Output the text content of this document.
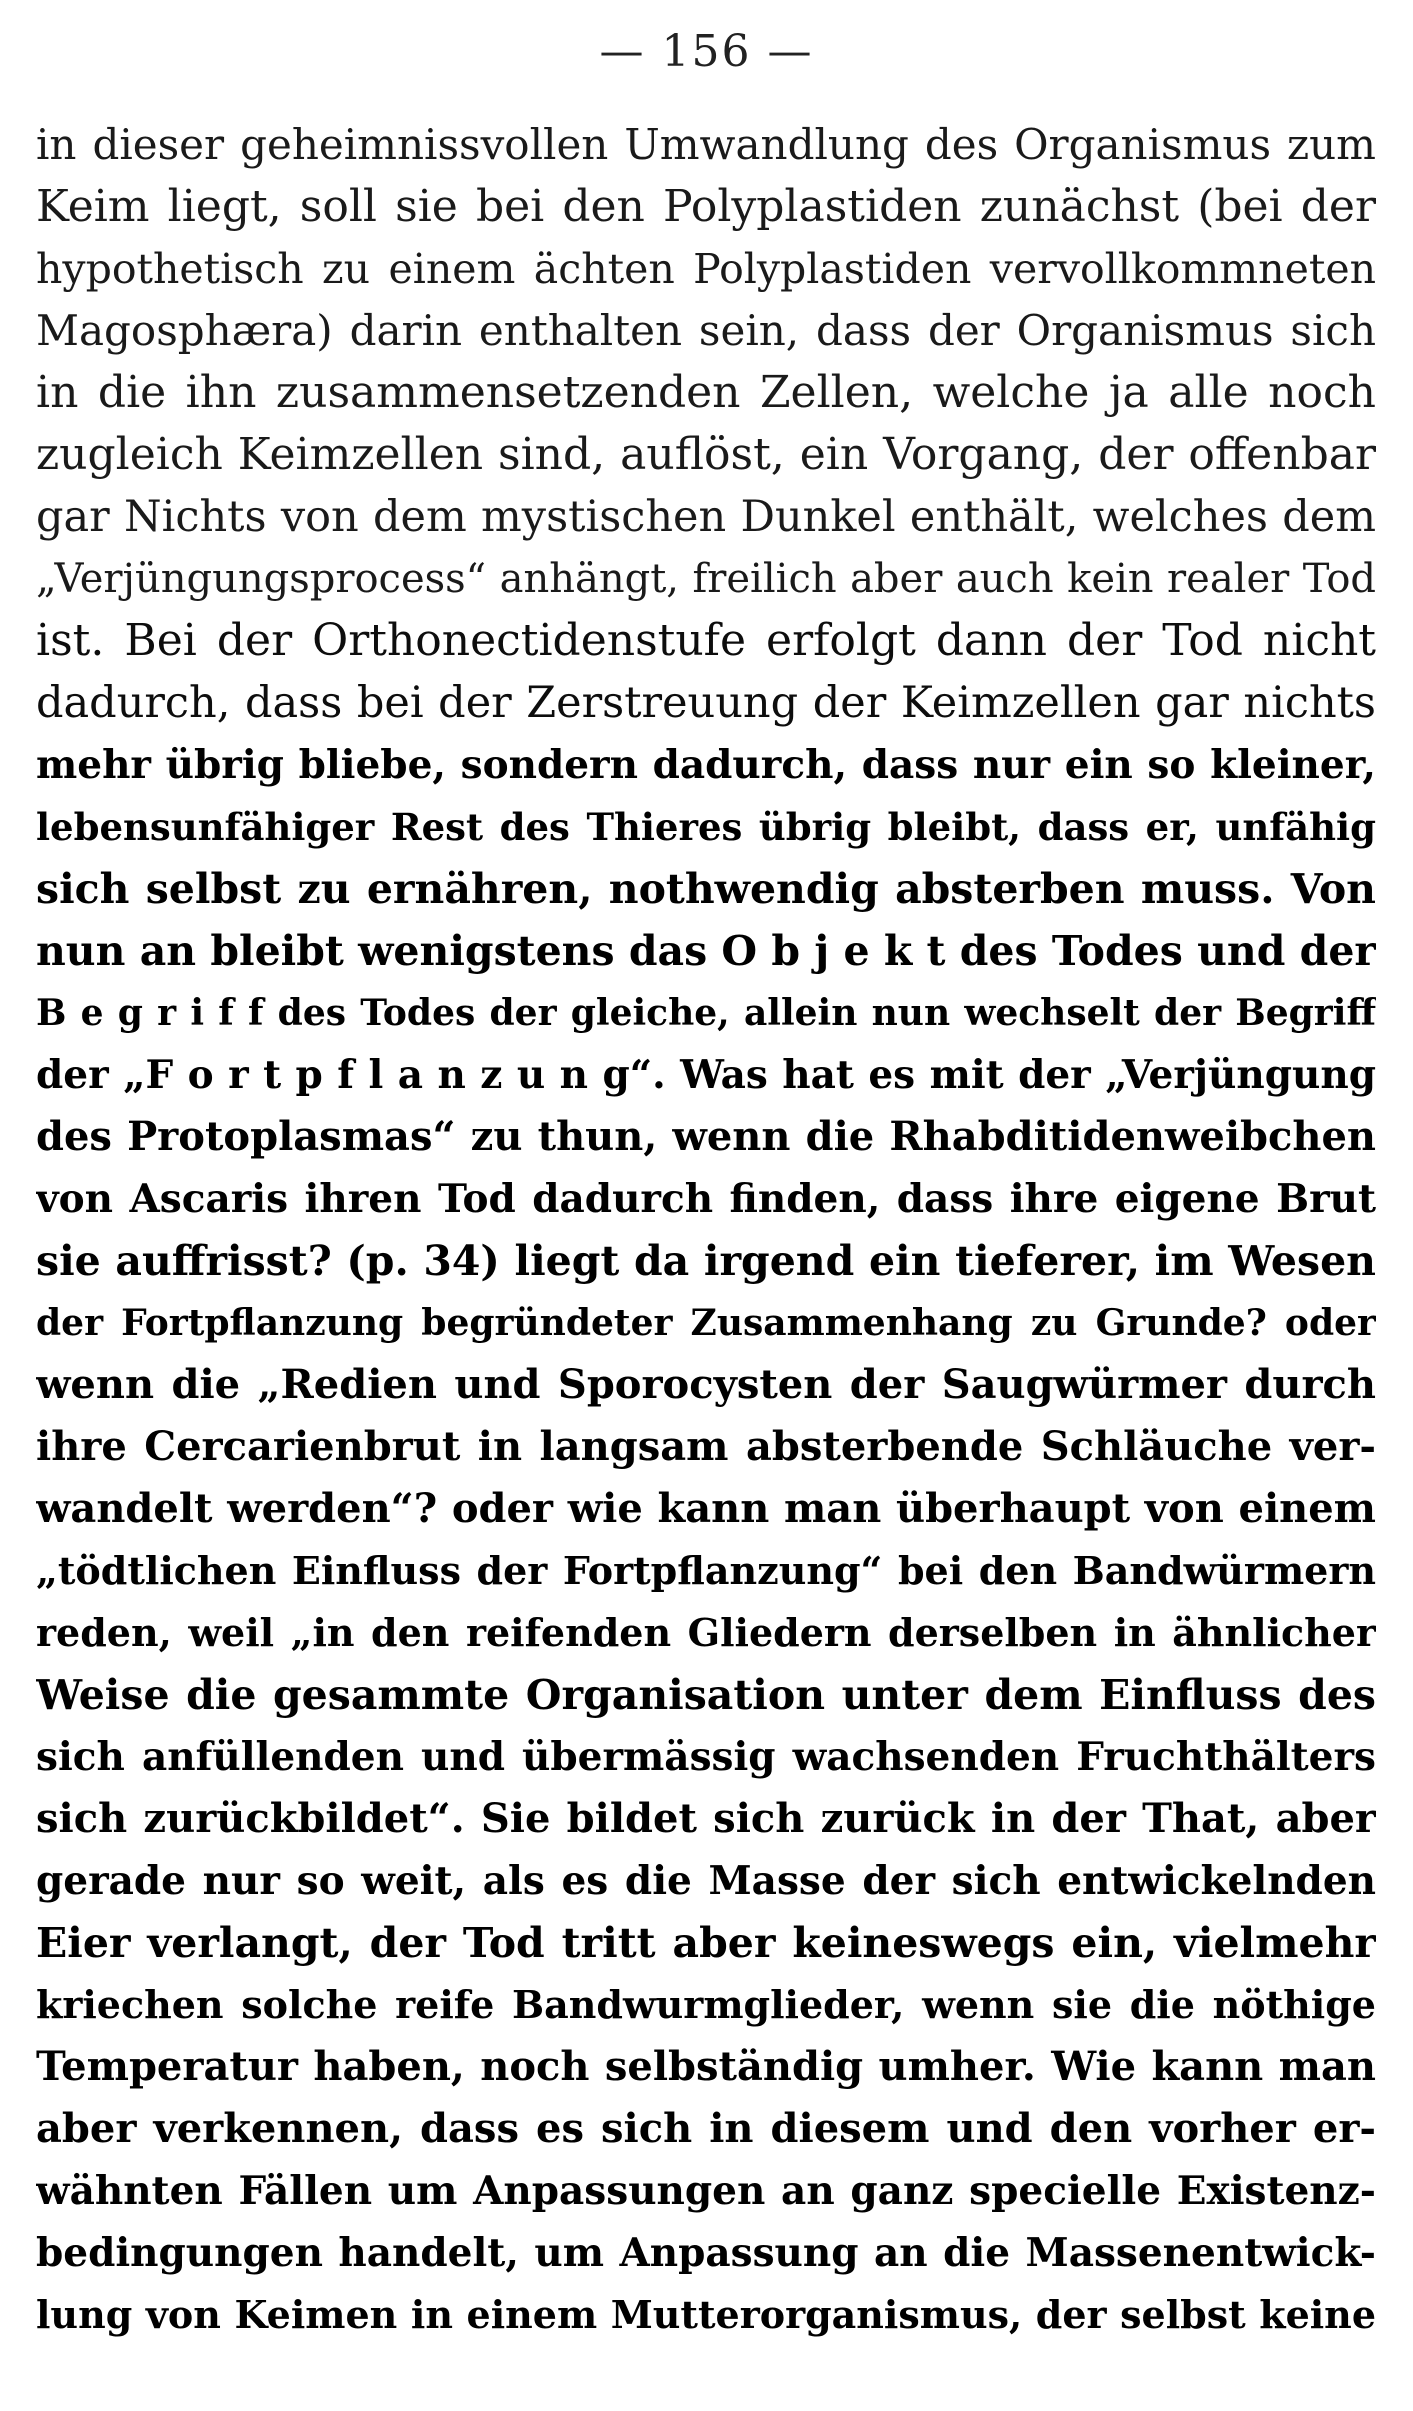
— 156 —
in dieser geheimnissvollen Umwandlung des Organismus zum
Keim liegt, soll sie bei den Polyplastiden zunächst (bei der
hypothetisch zu einem ächten Polyplastiden vervollkommneten
Magosphæra) darin enthalten sein, dass der Organismus sich
in die ihn zusammensetzenden Zellen, welche ja alle noch
zugleich Keimzellen sind, auflöst, ein Vorgang, der offenbar
gar Nichts von dem mystischen Dunkel enthält, welches dem
„Verjüngungsprocess“ anhängt, freilich aber auch kein realer Tod
ist. Bei der Orthonectidenstufe erfolgt dann der Tod nicht
dadurch, dass bei der Zerstreuung der Keimzellen gar nichts
mehr übrig bliebe, sondern dadurch, dass nur ein so kleiner,
lebensunfähiger Rest des Thieres übrig bleibt, dass er, unfähig
sich selbst zu ernähren, nothwendig absterben muss. Von
nun an bleibt wenigstens das O b j e k t des Todes und der
B e g r i f f des Todes der gleiche, allein nun wechselt der Begriff
der „F o r t p f l a n z u n g“. Was hat es mit der „Verjüngung
des Protoplasmas“ zu thun, wenn die Rhabditidenweibchen
von Ascaris ihren Tod dadurch finden, dass ihre eigene Brut
sie auffrisst? (p. 34) liegt da irgend ein tieferer, im Wesen
der Fortpflanzung begründeter Zusammenhang zu Grunde? oder
wenn die „Redien und Sporocysten der Saugwürmer durch
ihre Cercarienbrut in langsam absterbende Schläuche ver-
wandelt werden“? oder wie kann man überhaupt von einem
„tödtlichen Einfluss der Fortpflanzung“ bei den Bandwürmern
reden, weil „in den reifenden Gliedern derselben in ähnlicher
Weise die gesammte Organisation unter dem Einfluss des
sich anfüllenden und übermässig wachsenden Fruchthälters
sich zurückbildet“. Sie bildet sich zurück in der That, aber
gerade nur so weit, als es die Masse der sich entwickelnden
Eier verlangt, der Tod tritt aber keineswegs ein, vielmehr
kriechen solche reife Bandwurmglieder, wenn sie die nöthige
Temperatur haben, noch selbständig umher. Wie kann man
aber verkennen, dass es sich in diesem und den vorher er-
wähnten Fällen um Anpassungen an ganz specielle Existenz-
bedingungen handelt, um Anpassung an die Massenentwick-
lung von Keimen in einem Mutterorganismus, der selbst keine
